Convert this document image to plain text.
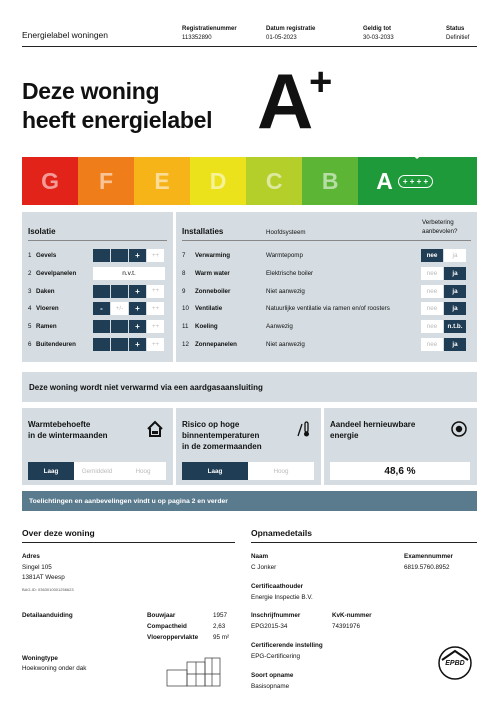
Energielabel woningen
Registratienummer
113352890
Datum registratie
01-05-2023
Geldig tot
30-03-2033
Status
Definitief
Deze woning
heeft energielabel A
+
G	F	E	D	C	B	A	+ + + +
Isolatie
1 Gevels	+	++
2 Gevelpanelen	n.v.t.
3 Daken	+	++
4 Vloeren	-	+/-	+	++
5 Ramen	+	++
6 Buitendeuren	+	++
Installaties	Hoofdsysteem
Verbetering
aanbevolen?
7	Verwarming	Warmtepomp	nee	ja
8	Warm water	Elektrische boiler	nee	ja
9	Zonneboiler	Niet aanwezig	nee	ja
10 Ventilatie	Natuurlijke ventilatie via ramen en/of roosters	nee	ja
11	Koeling	Aanwezig	nee	n.t.b.
12 Zonnepanelen	Niet aanwezig	nee	ja
Deze woning wordt niet verwarmd via een aardgasaansluiting
Warmtebehoefte
in de wintermaanden
Laag	Gemiddeld	Hoog
Risico op hoge
binnentemperaturen
in de zomermaanden
Laag	Hoog
Aandeel hernieuwbare
energie
48,6 %
Toelichtingen en aanbevelingen vindt u op pagina 2 en verder
Over deze woning
Adres
Singel 105
1381AT Weesp
BAG-ID: 0363010001256623
Detailaanduiding
Woningtype
Hoekwoning onder dak
Bouwjaar	1957
Compactheid	2,63
Vloeroppervlakte 95 m²
Opnamedetails
Naam
C Jonker
Examennummer
6819.5760.8952
Certificaathouder
Energie Inspectie B.V.
Inschrijfnummer
EPG2015-34
KvK-nummer
74391976
Certificerende instelling
EPG-Certificering
Soort opname
Basisopname
EPBD
